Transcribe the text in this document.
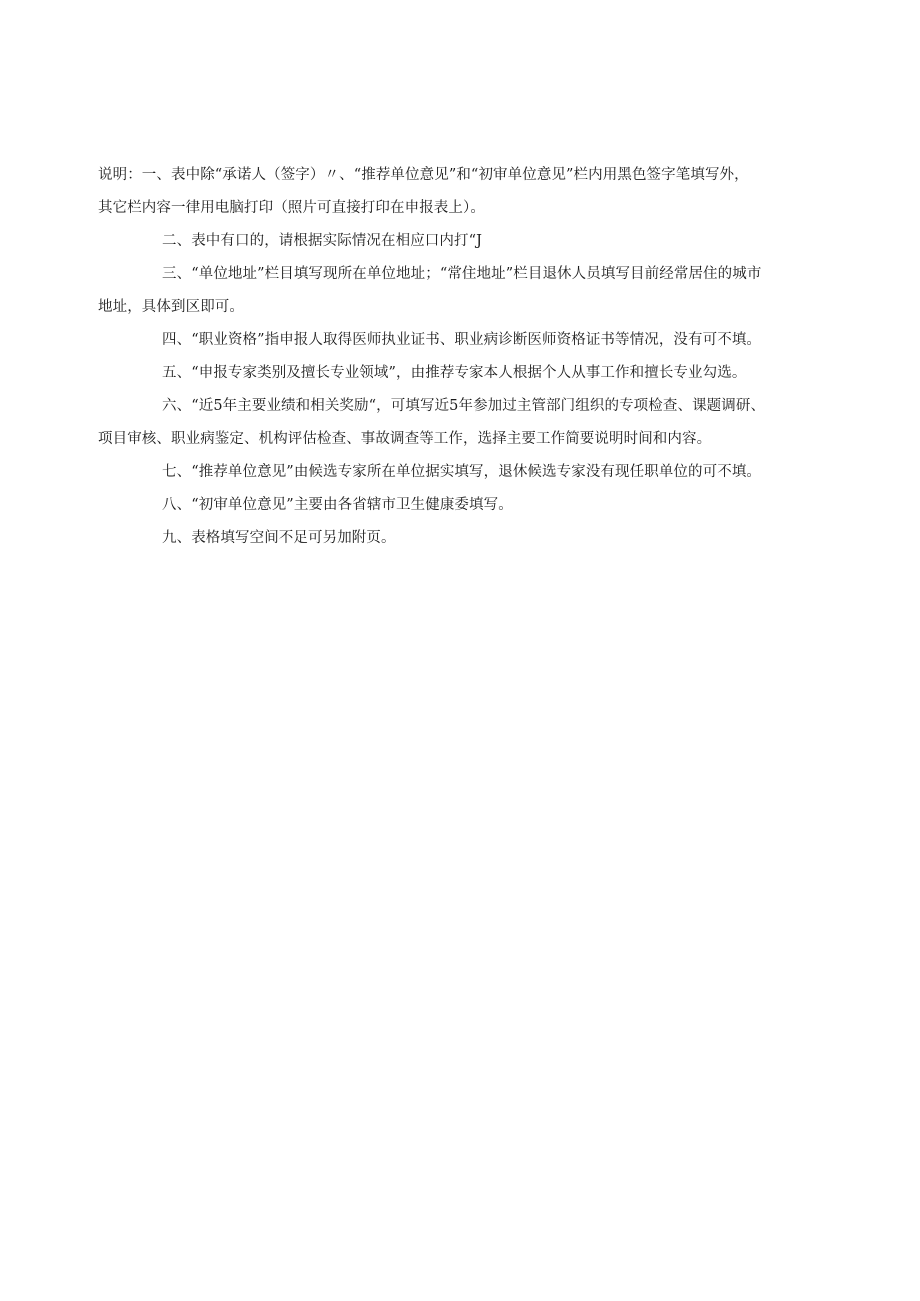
说明：一、表中除“承诺人（签字）〃、“推荐单位意见”和“初审单位意见”栏内用黑色签字笔填写外，

其它栏内容一律用电脑打印（照片可直接打印在申报表上）。

二、表中有口的，请根据实际情况在相应口内打“J

三、“单位地址”栏目填写现所在单位地址；“常住地址”栏目退休人员填写目前经常居住的城市

地址，具体到区即可。

四、“职业资格”指申报人取得医师执业证书、职业病诊断医师资格证书等情况，没有可不填。

五、“申报专家类别及擅长专业领域”，由推荐专家本人根据个人从事工作和擅长专业勾选。

六、“近5年主要业绩和相关奖励“，可填写近5年参加过主管部门组织的专项检查、课题调研、

项目审核、职业病鉴定、机构评估检查、事故调查等工作，选择主要工作简要说明时间和内容。

七、“推荐单位意见”由候选专家所在单位据实填写，退休候选专家没有现任职单位的可不填。

八、“初审单位意见”主要由各省辖市卫生健康委填写。

九、表格填写空间不足可另加附页。
